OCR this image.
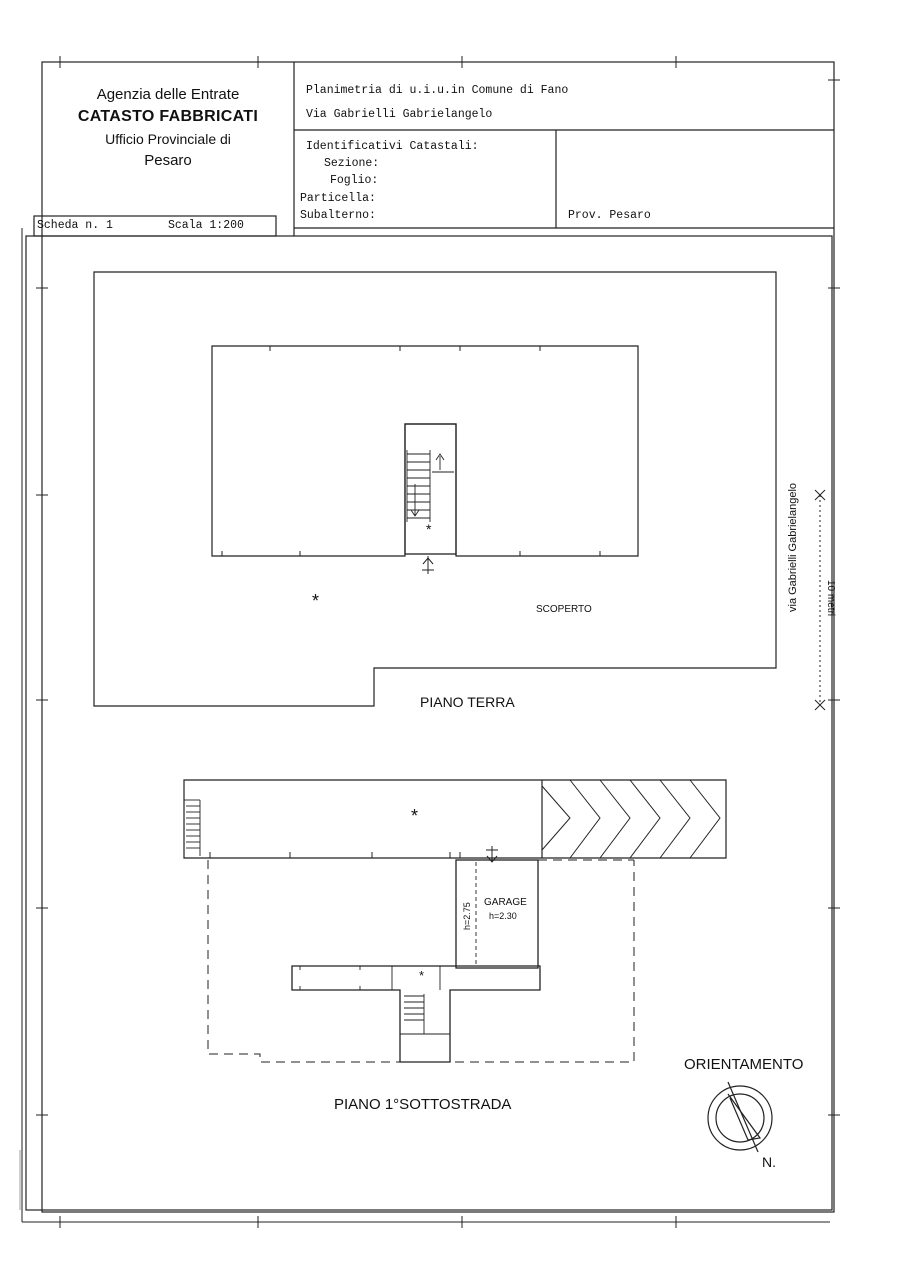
Agenzia delle Entrate
CATASTO FABBRICATI
Ufficio Provinciale di
Pesaro
Scheda n. 1	Scala 1:200
Planimetria di u.i.u.in Comune di Fano
Via Gabrielli Gabrielangelo
Identificativi Catastali:
Sezione:
Foglio:
Particella:
Subalterno:	Prov. Pesaro
*
*	SCOPERTO
PIANO TERRA
via Gabrielli Gabrielangelo	10 metri
*
GARAGE
h=2.30
h=2.75
*
PIANO 1°SOTTOSTRADA
ORIENTAMENTO
N.
